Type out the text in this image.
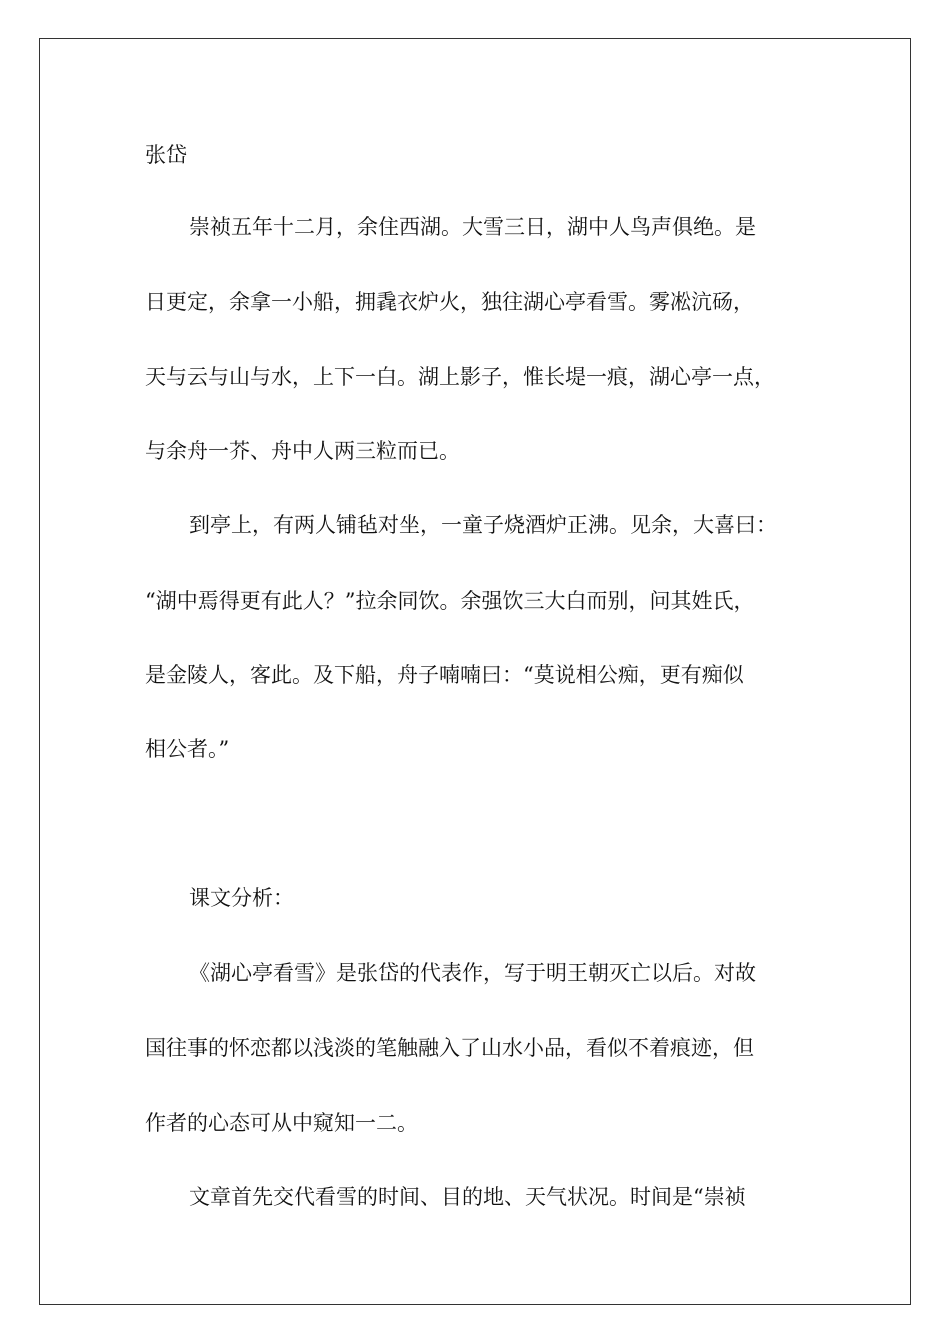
张岱
崇祯五年十二月，余住西湖。大雪三日，湖中人鸟声俱绝。是
日更定，余拿一小船，拥毳衣炉火，独往湖心亭看雪。雾凇沆砀，
天与云与山与水，上下一白。湖上影子，惟长堤一痕，湖心亭一点，
与余舟一芥、舟中人两三粒而已。
到亭上，有两人铺毡对坐，一童子烧酒炉正沸。见余，大喜曰：
“湖中焉得更有此人？”拉余同饮。余强饮三大白而别，问其姓氏，
是金陵人，客此。及下船，舟子喃喃曰：“莫说相公痴，更有痴似
相公者。”
课文分析：
《湖心亭看雪》是张岱的代表作，写于明王朝灭亡以后。对故
国往事的怀恋都以浅淡的笔触融入了山水小品，看似不着痕迹，但
作者的心态可从中窥知一二。
文章首先交代看雪的时间、目的地、天气状况。时间是“崇祯
